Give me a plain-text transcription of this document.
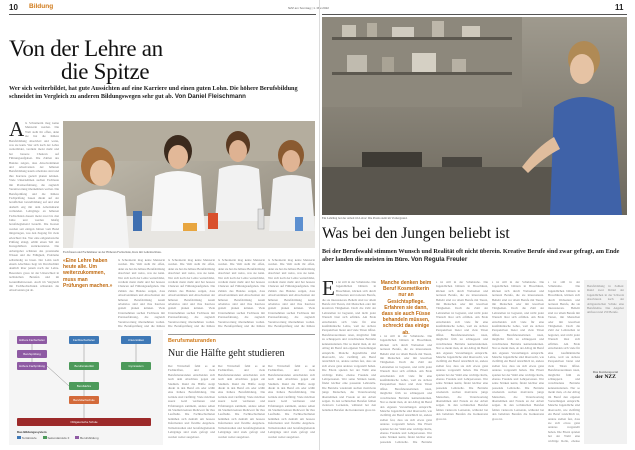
10 Bildung	NZZ am Sonntag | 1. Mai 2022	11
Von der Lehre an
die Spitze
Wer sich weiterbildet, hat gute Aussichten auf eine Karriere und einen guten Lohn. Die höhere Berufsbildung schneidet im Vergleich zu anderen Bildungswegen sehr gut ab. Von Daniel Fleischmann
Als Schreinerin mag keine Meisterin werden. Die Welt steht ihr offen, denn sie hat die höhere Berufsbildung absolviert und weiss, was sie kann. Wer sich nach der Lehre weiterbildet, verdient meist mehr und hat bessere Chancen auf Führungsaufgaben. Die Zahlen des Bundes zeigen, dass Absolventinnen und Absolventen der höheren Berufsbildung kaum arbeitslos sind und ihre Karriere gezielt planen können. Viele Unternehmen suchen Fachleute mit Praxiserfahrung, die zugleich Verantwortung übernehmen wollen. Die Berufsprüfung und die höhere Fachprüfung bauen direkt auf der beruflichen Grundbildung auf und sind deshalb eng mit dem Arbeitsmarkt verbunden. Lehrgänge an höheren Fachschulen dauern meist zwei bis drei Jahre und werden häufig berufsbegleitend besucht. Die Kosten werden seit einigen Jahren vom Bund mitgetragen, was den Zugang für viele erleichtert hat. Wer eine eidgenössische Prüfung ablegt, erhält einen Teil der Kursgebühren zurückerstattet. Die Arbeitgeber schätzen das praxisnahe Wissen und die Fähigkeit, Probleme selbständig zu lösen. Der Lohn nach einem Abschluss liegt im Durchschnitt deutlich über jenem nach der Lehre. Besonders gross ist der Unterschied in technischen Berufen und im Gesundheitswesen. Auch im Vergleich mit Fachhochschulen schneiden die Absolventen gut ab.
Fachfrauen und Fachmänner an der Höheren Fachschule, Kurs mit Lehrabschluss.
«Eine Lehre haben heute alle. Um weiterzukommen, muss man Prüfungen machen.»
ls Schreinerin mag keine Meisterin werden. Die Welt steht ihr offen, denn sie hat die höhere Berufsbildung absolviert und weiss, was sie kann. Wer sich nach der Lehre weiterbildet, verdient meist mehr und hat bessere Chancen auf Führungsaufgaben. Die Zahlen des Bundes zeigen, dass Absolventinnen und Absolventen der höheren Berufsbildung kaum arbeitslos sind und ihre Karriere gezielt planen können. Viele Unternehmen suchen Fachleute mit Praxiserfahrung, die zugleich Verantwortung übernehmen wollen. Die Berufsprüfung und die höhere
ls Schreinerin mag keine Meisterin werden. Die Welt steht ihr offen, denn sie hat die höhere Berufsbildung absolviert und weiss, was sie kann. Wer sich nach der Lehre weiterbildet, verdient meist mehr und hat bessere Chancen auf Führungsaufgaben. Die Zahlen des Bundes zeigen, dass Absolventinnen und Absolventen der höheren Berufsbildung kaum arbeitslos sind und ihre Karriere gezielt planen können. Viele Unternehmen suchen Fachleute mit Praxiserfahrung, die zugleich Verantwortung übernehmen wollen. Die Berufsprüfung und die höhere
ls Schreinerin mag keine Meisterin werden. Die Welt steht ihr offen, denn sie hat die höhere Berufsbildung absolviert und weiss, was sie kann. Wer sich nach der Lehre weiterbildet, verdient meist mehr und hat bessere Chancen auf Führungsaufgaben. Die Zahlen des Bundes zeigen, dass Absolventinnen und Absolventen der höheren Berufsbildung kaum arbeitslos sind und ihre Karriere gezielt planen können. Viele Unternehmen suchen Fachleute mit Praxiserfahrung, die zugleich Verantwortung übernehmen wollen. Die Berufsprüfung und die höhere
ls Schreinerin mag keine Meisterin werden. Die Welt steht ihr offen, denn sie hat die höhere Berufsbildung absolviert und weiss, was sie kann. Wer sich nach der Lehre weiterbildet, verdient meist mehr und hat bessere Chancen auf Führungsaufgaben. Die Zahlen des Bundes zeigen, dass Absolventinnen und Absolventen der höheren Berufsbildung kaum arbeitslos sind und ihre Karriere gezielt planen können. Viele Unternehmen suchen Fachleute mit Praxiserfahrung, die zugleich Verantwortung übernehmen wollen. Die Berufsprüfung und die höhere
Berufsmaturanden
Nur die Hälfte geht studieren
Der Wirtschaft fehlt es an Fachkräften, und viele Berufsmaturanden entscheiden sich nach dem Abschluss gegen ein Studium. Rund die Hälfte steigt direkt in den Beruf ein oder wählt eine höhere Berufsbildung. Die Gründe sind vielfältig: Viele möchten zuerst Geld verdienen und Erfahrungen sammeln, andere sehen im Studium keinen Mehrwert für ihre Laufbahn. Die Fachhochschulen bemühen sich deshalb um bessere Information und flexible Angebote. Teilzeitstudien und berufsbegleitende Lehrgänge sind stark gefragt und werden weiter ausgebaut.
Der Wirtschaft fehlt es an Fachkräften, und viele Berufsmaturanden entscheiden sich nach dem Abschluss gegen ein Studium. Rund die Hälfte steigt direkt in den Beruf ein oder wählt eine höhere Berufsbildung. Die Gründe sind vielfältig: Viele möchten zuerst Geld verdienen und Erfahrungen sammeln, andere sehen im Studium keinen Mehrwert für ihre Laufbahn. Die Fachhochschulen bemühen sich deshalb um bessere Information und flexible Angebote. Teilzeitstudien und berufsbegleitende Lehrgänge sind stark gefragt und werden weiter ausgebaut.
Der Wirtschaft fehlt es an Fachkräften, und viele Berufsmaturanden entscheiden sich nach dem Abschluss gegen ein Studium. Rund die Hälfte steigt direkt in den Beruf ein oder wählt eine höhere Berufsbildung. Die Gründe sind vielfältig: Viele möchten zuerst Geld verdienen und Erfahrungen sammeln, andere sehen im Studium keinen Mehrwert für ihre Laufbahn. Die Fachhochschulen bemühen sich deshalb um bessere Information und flexible Angebote. Teilzeitstudien und berufsbegleitende Lehrgänge sind stark gefragt und werden weiter ausgebaut.
Höhere Fachschulen	Fachhochschulen	Universitäten
Berufsprüfung
Höhere Fachprüfung	Berufsmaturität	Gymnasium
Berufslehre
Berufsfachschule
Obligatorische Schule
Das Bildungssystem
Tertiärstufe	Sekundarstufe II	Berufsbildung
Ein Lehrling bei der Arbeit im Labor: Die Praxis steht im Vordergrund.
Was bei den Jungen beliebt ist
Bei der Berufswahl stimmen Wunsch und Realität oft nicht überein. Kreative Berufe sind zwar gefragt, am Ende aber landen die meisten im Büro. Von Regula Freuler
Es ist still in der Schulstube. Die Jugendlichen blättern in Broschüren, klicken sich durch Webseiten und notieren Berufe, die sie interessieren. Beliebt sind vor allem Berufe mit Tieren, mit Menschen oder mit kreativen Tätigkeiten. Doch die Zahl der Lehrstellen ist begrenzt, und nicht jeder Wunsch lässt sich erfüllen. Am Ende entscheiden sich viele für eine kaufmännische Lehre, weil sie sichere Perspektiven bietet und viele Türen öffnet. Berufsberaterinnen raten, möglichst früh zu schnuppern und verschiedene Betriebe kennenzulernen. Nur so merkt man, ob der Alltag im Beruf den eigenen Vorstellungen entspricht. Manche Jugendliche sind überrascht, wie vielfältig ein Beruf tatsächlich ist, andere stellen fest, dass sie sich etwas ganz anderes vorgestellt haben. Die Eltern spielen bei der Wahl eine wichtige Rolle, ebenso Freunde und Lehrpersonen. Wer seine Stärken kennt, findet leichter eine passende Lehrstelle. Die Betriebe wiederum suchen motivierte junge Menschen, die Verantwortung übernehmen und Freude an der Arbeit zeigen. In den technischen Berufen fehlen vielerorts Lernende, während bei den beliebten Berufen die Konkurrenz gross ist.
Manche denken beim Beruf Kosmetikerin nur an Gesichtspflege. Erfahren sie dann, dass sie auch Füsse behandeln müssen, schreckt das einige ab.
s ist still in der Schulstube. Die Jugendlichen blättern in Broschüren, klicken sich durch Webseiten und notieren Berufe, die sie interessieren. Beliebt sind vor allem Berufe mit Tieren, mit Menschen oder mit kreativen Tätigkeiten. Doch die Zahl der Lehrstellen ist begrenzt, und nicht jeder Wunsch lässt sich erfüllen. Am Ende entscheiden sich viele für eine kaufmännische Lehre, weil sie sichere Perspektiven bietet und viele Türen öffnet. Berufsberaterinnen raten, möglichst früh zu schnuppern und verschiedene Betriebe kennenzulernen. Nur so merkt man, ob der Alltag im Beruf den eigenen Vorstellungen entspricht. Manche Jugendliche sind überrascht, wie vielfältig ein Beruf tatsächlich ist, andere stellen fest, dass sie sich etwas ganz anderes vorgestellt haben. Die Eltern spielen bei der Wahl eine wichtige Rolle, ebenso Freunde und Lehrpersonen. Wer seine Stärken kennt, findet leichter eine passende Lehrstelle. Die Betriebe
s ist still in der Schulstube. Die Jugendlichen blättern in Broschüren, klicken sich durch Webseiten und notieren Berufe, die sie interessieren. Beliebt sind vor allem Berufe mit Tieren, mit Menschen oder mit kreativen Tätigkeiten. Doch die Zahl der Lehrstellen ist begrenzt, und nicht jeder Wunsch lässt sich erfüllen. Am Ende entscheiden sich viele für eine kaufmännische Lehre, weil sie sichere Perspektiven bietet und viele Türen öffnet. Berufsberaterinnen raten, möglichst früh zu schnuppern und verschiedene Betriebe kennenzulernen. Nur so merkt man, ob der Alltag im Beruf den eigenen Vorstellungen entspricht. Manche Jugendliche sind überrascht, wie vielfältig ein Beruf tatsächlich ist, andere stellen fest, dass sie sich etwas ganz anderes vorgestellt haben. Die Eltern spielen bei der Wahl eine wichtige Rolle, ebenso Freunde und Lehrpersonen. Wer seine Stärken kennt, findet leichter eine passende Lehrstelle. Die Betriebe wiederum suchen motivierte junge Menschen, die Verantwortung übernehmen und Freude an der Arbeit zeigen. In den technischen Berufen fehlen vielerorts Lernende, während bei den beliebten Berufen die Konkurrenz gross ist.
s ist still in der Schulstube. Die Jugendlichen blättern in Broschüren, klicken sich durch Webseiten und notieren Berufe, die sie interessieren. Beliebt sind vor allem Berufe mit Tieren, mit Menschen oder mit kreativen Tätigkeiten. Doch die Zahl der Lehrstellen ist begrenzt, und nicht jeder Wunsch lässt sich erfüllen. Am Ende entscheiden sich viele für eine kaufmännische Lehre, weil sie sichere Perspektiven bietet und viele Türen öffnet. Berufsberaterinnen raten, möglichst früh zu schnuppern und verschiedene Betriebe kennenzulernen. Nur so merkt man, ob der Alltag im Beruf den eigenen Vorstellungen entspricht. Manche Jugendliche sind überrascht, wie vielfältig ein Beruf tatsächlich ist, andere stellen fest, dass sie sich etwas ganz anderes vorgestellt haben. Die Eltern spielen bei der Wahl eine wichtige Rolle, ebenso Freunde und Lehrpersonen. Wer seine Stärken kennt, findet leichter eine passende Lehrstelle. Die Betriebe wiederum suchen motivierte junge Menschen, die Verantwortung übernehmen und Freude an der Arbeit zeigen. In den technischen Berufen fehlen vielerorts Lernende, während bei den beliebten Berufen die Konkurrenz gross ist.
s ist still in der Schulstube. Die Jugendlichen blättern in Broschüren, klicken sich durch Webseiten und notieren Berufe, die sie interessieren. Beliebt sind vor allem Berufe mit Tieren, mit Menschen oder mit kreativen Tätigkeiten. Doch die Zahl der Lehrstellen ist begrenzt, und nicht jeder Wunsch lässt sich erfüllen. Am Ende entscheiden sich viele für eine kaufmännische Lehre, weil sie sichere Perspektiven bietet und viele Türen öffnet. Berufsberaterinnen raten, möglichst früh zu schnuppern und verschiedene Betriebe kennenzulernen. Nur so merkt man, ob der Alltag im Beruf den eigenen Vorstellungen entspricht. Manche Jugendliche sind überrascht, wie vielfältig ein Beruf tatsächlich ist, andere stellen fest, dass sie sich etwas ganz anderes vorgestellt haben. Die Eltern spielen bei der Wahl eine wichtige Rolle, ebenso
Berufsbildung in Zahlen: Rund zwei Drittel der Jugendlichen in der Schweiz absolvieren nach der obligatorischen Schule eine Berufslehre. Das Angebot umfasst rund 250 Berufe.
Das Karriereportal
der NZZ
